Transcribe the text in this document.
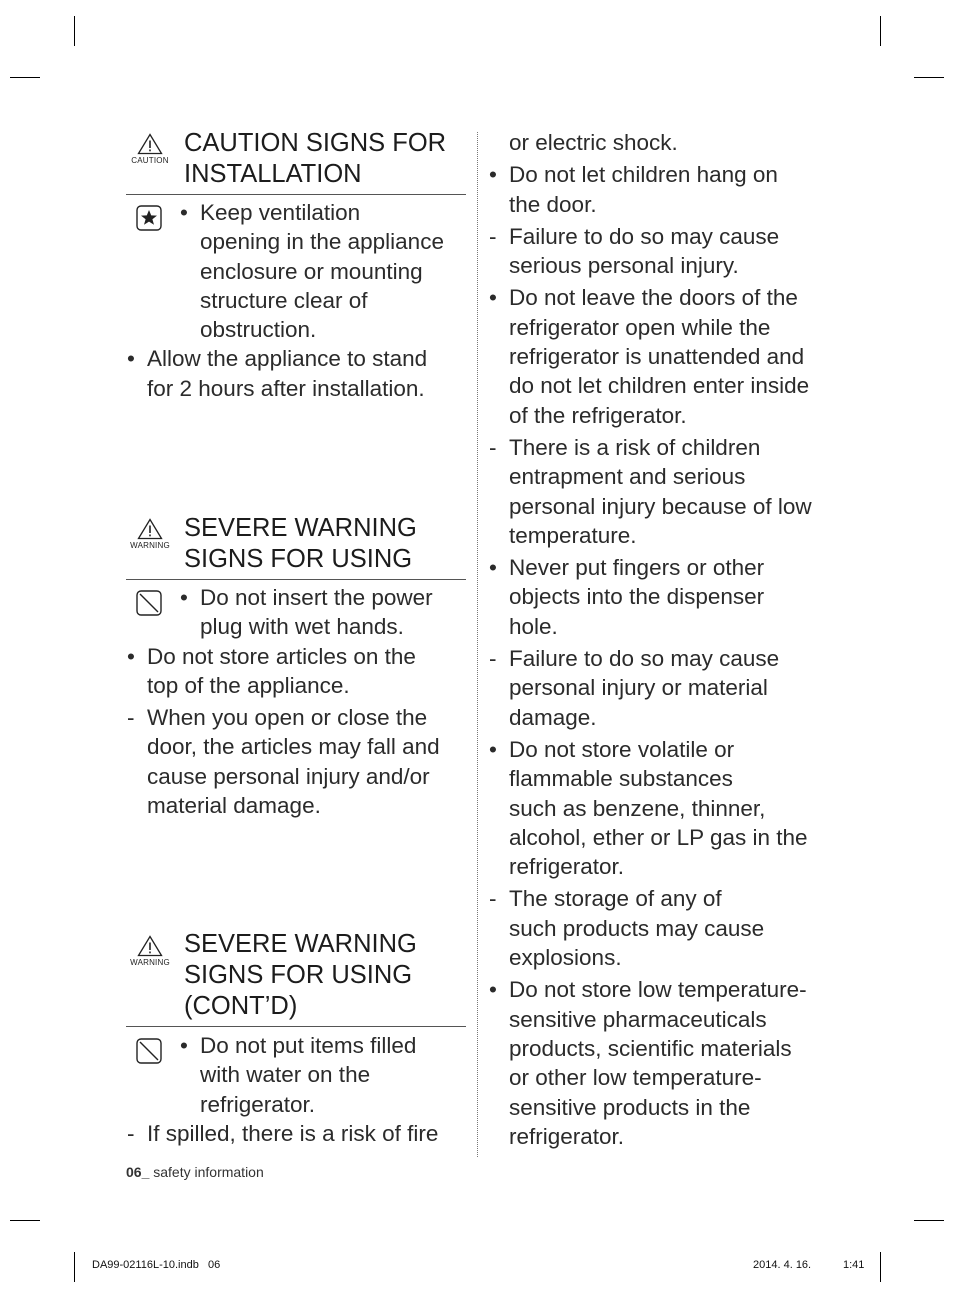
CAUTION
CAUTION SIGNS FOR
INSTALLATION
• Keep ventilation
opening in the appliance
enclosure or mounting
structure clear of
obstruction.
• Allow the appliance to stand
for 2 hours after installation.
WARNING
SEVERE WARNING
SIGNS FOR USING
• Do not insert the power
plug with wet hands.
• Do not store articles on the
top of the appliance.
- When you open or close the
door, the articles may fall and
cause personal injury and/or
material damage.
WARNING
SEVERE WARNING
SIGNS FOR USING
(CONT’D)
• Do not put items filled
with water on the
refrigerator.
- If spilled, there is a risk of fire
or electric shock.
• Do not let children hang on
the door.
- Failure to do so may cause
serious personal injury.
• Do not leave the doors of the
refrigerator open while the
refrigerator is unattended and
do not let children enter inside
of the refrigerator.
- There is a risk of children
entrapment and serious
personal injury because of low
temperature.
• Never put fingers or other
objects into the dispenser
hole.
- Failure to do so may cause
personal injury or material
damage.
• Do not store volatile or
flammable substances
such as benzene, thinner,
alcohol, ether or LP gas in the
refrigerator.
- The storage of any of
such products may cause
explosions.
• Do not store low temperature-
sensitive pharmaceuticals
products, scientific materials
or other low temperature-
sensitive products in the
refrigerator.
06_ safety information
DA99-02116L-10.indb   06	2014. 4. 16.	1:41
